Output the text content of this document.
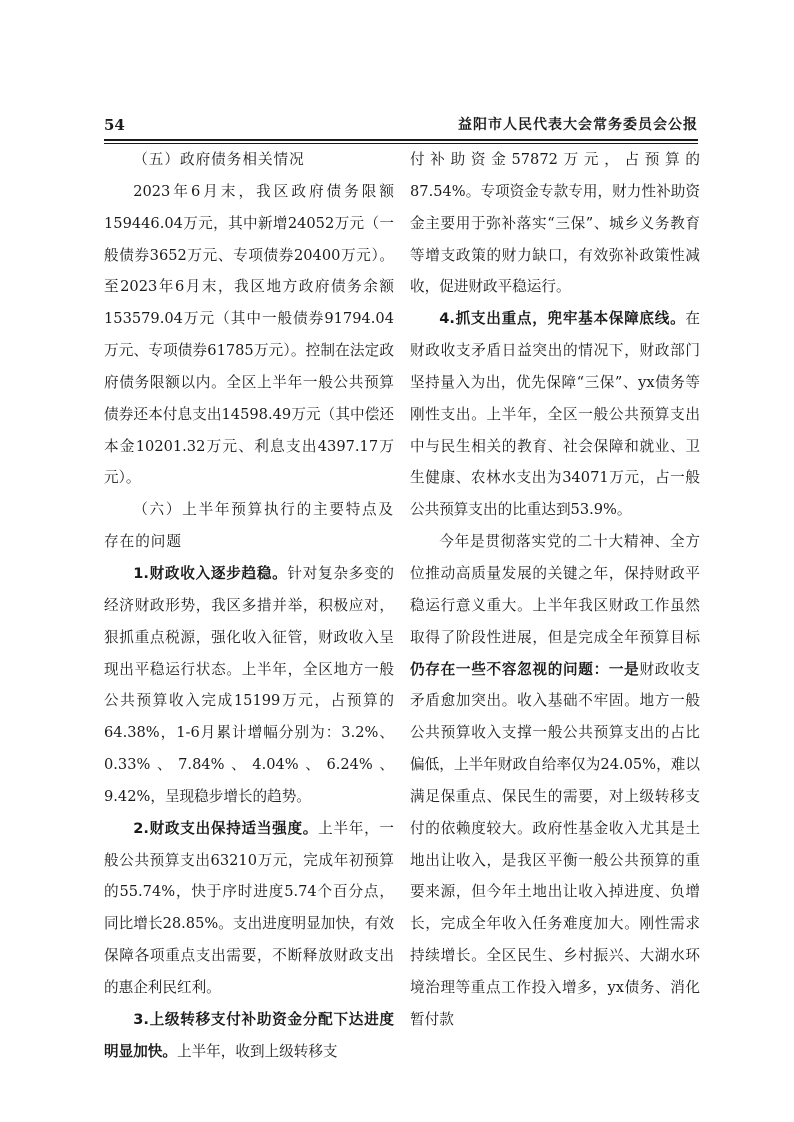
54	益阳市人民代表大会常务委员会公报

（五）政府债务相关情况

2023年6月末，我区政府债务限额159446.04万元，其中新增24052万元（一般债券3652万元、专项债券20400万元）。至2023年6月末，我区地方政府债务余额153579.04万元（其中一般债券91794.04万元、专项债券61785万元）。控制在法定政府债务限额以内。全区上半年一般公共预算债券还本付息支出14598.49万元（其中偿还本金10201.32万元、利息支出4397.17万元）。

（六）上半年预算执行的主要特点及存在的问题

1.财政收入逐步趋稳。针对复杂多变的经济财政形势，我区多措并举，积极应对，狠抓重点税源，强化收入征管，财政收入呈现出平稳运行状态。上半年，全区地方一般公共预算收入完成15199万元，占预算的64.38%，1-6月累计增幅分别为：3.2%、0.33%、7.84%、4.04%、6.24%、9.42%，呈现稳步增长的趋势。

2.财政支出保持适当强度。上半年，一般公共预算支出63210万元，完成年初预算的55.74%，快于序时进度5.74个百分点，同比增长28.85%。支出进度明显加快，有效保障各项重点支出需要，不断释放财政支出的惠企利民红利。

3.上级转移支付补助资金分配下达进度明显加快。上半年，收到上级转移支

付补助资金57872万元，占预算的87.54%。专项资金专款专用，财力性补助资金主要用于弥补落实“三保”、城乡义务教育等增支政策的财力缺口，有效弥补政策性减收，促进财政平稳运行。

4.抓支出重点，兜牢基本保障底线。在财政收支矛盾日益突出的情况下，财政部门坚持量入为出，优先保障“三保”、yx债务等刚性支出。上半年，全区一般公共预算支出中与民生相关的教育、社会保障和就业、卫生健康、农林水支出为34071万元，占一般公共预算支出的比重达到53.9%。

今年是贯彻落实党的二十大精神、全方位推动高质量发展的关键之年，保持财政平稳运行意义重大。上半年我区财政工作虽然取得了阶段性进展，但是完成全年预算目标仍存在一些不容忽视的问题：一是财政收支矛盾愈加突出。收入基础不牢固。地方一般公共预算收入支撑一般公共预算支出的占比偏低，上半年财政自给率仅为24.05%，难以满足保重点、保民生的需要，对上级转移支付的依赖度较大。政府性基金收入尤其是土地出让收入，是我区平衡一般公共预算的重要来源，但今年土地出让收入掉进度、负增长，完成全年收入任务难度加大。刚性需求持续增长。全区民生、乡村振兴、大湖水环境治理等重点工作投入增多，yx债务、消化暂付款
